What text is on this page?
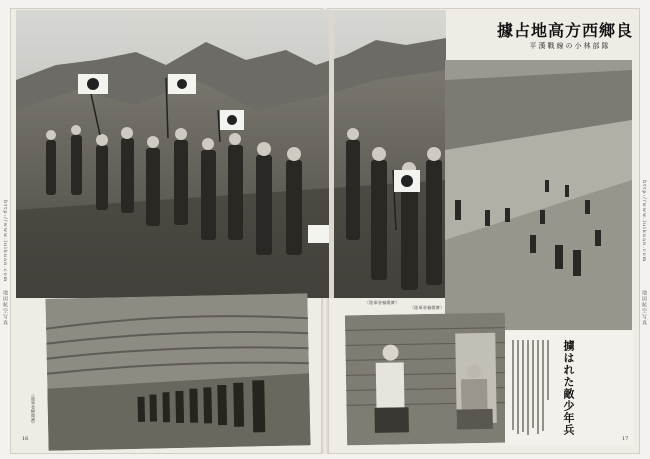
據占地高方西鄉良
平漢戰線の小林部隊
（陸軍省檢閲濟）
（陸軍省檢閲濟）
（陸軍省檢閲濟）	擄はれた敵少年兵
http://www.luikuan.com
地図航空写真
http://www.luikuan.com
地図航空写真
16	17
